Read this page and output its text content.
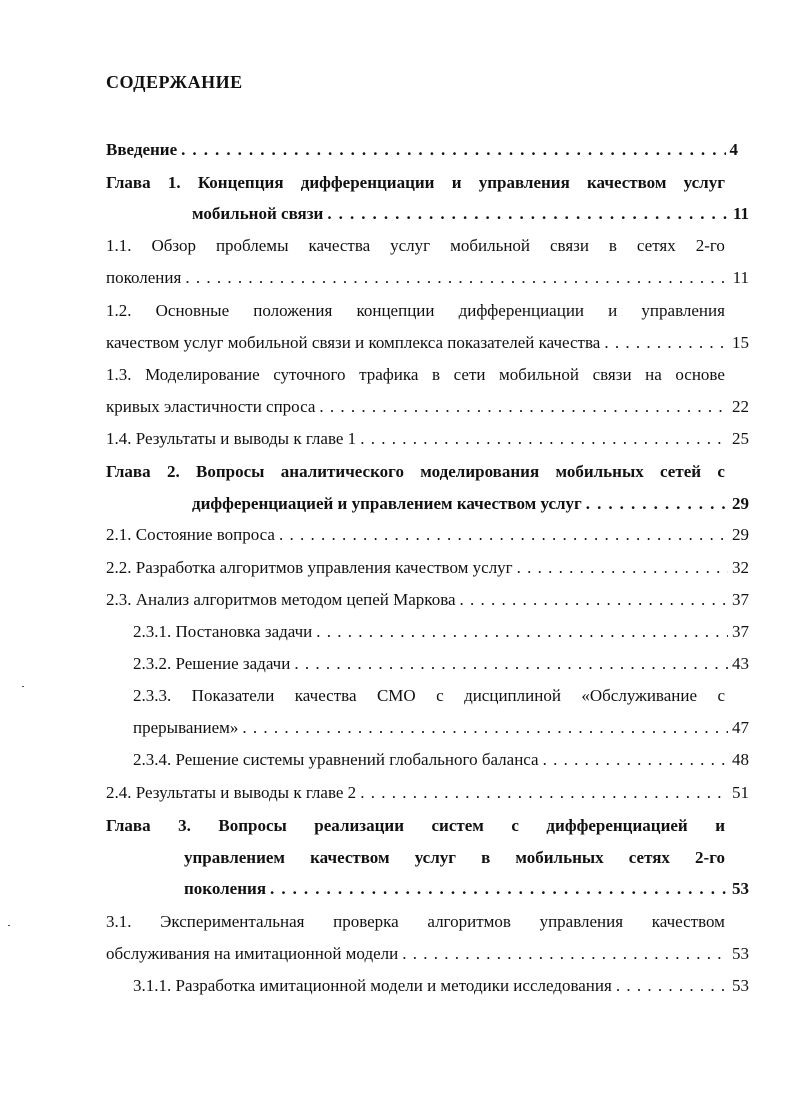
СОДЕРЖАНИЕ
Введение . . .	4
Глава 1. Концепция дифференциации и управления качеством услуг
мобильной связи . . .	11
1.1. Обзор проблемы качества услуг мобильной связи в сетях 2-го
поколения . . .	11
1.2. Основные положения концепции дифференциации и управления
качеством услуг мобильной связи и комплекса показателей качества . . .	15
1.3. Моделирование суточного трафика в сети мобильной связи на основе
кривых эластичности спроса . . .	22
1.4. Результаты и выводы к главе 1 . . .	25
Глава 2. Вопросы аналитического моделирования мобильных сетей с
дифференциацией и управлением качеством услуг . . .	29
2.1. Состояние вопроса . . .	29
2.2. Разработка алгоритмов управления качеством услуг . . .	32
2.3. Анализ алгоритмов методом цепей Маркова . . .	37
2.3.1. Постановка задачи . . .	37
2.3.2. Решение задачи . . .	43
2.3.3. Показатели качества СМО с дисциплиной «Обслуживание с
прерыванием» . . .	47
2.3.4. Решение системы уравнений глобального баланса . . .	48
2.4. Результаты и выводы к главе 2 . . .	51
Глава 3. Вопросы реализации систем с дифференциацией и
управлением качеством услуг в мобильных сетях 2-го
поколения . . .	53
3.1. Экспериментальная проверка алгоритмов управления качеством
обслуживания на имитационной модели . . .	53
3.1.1. Разработка имитационной модели и методики исследования . . .	53
